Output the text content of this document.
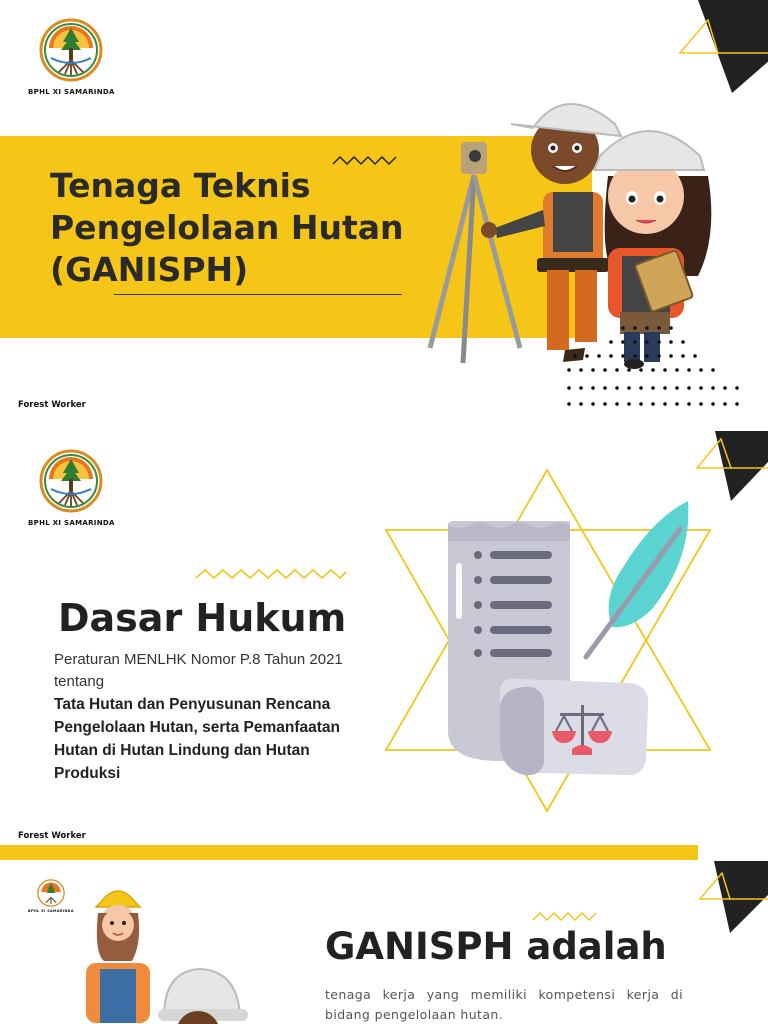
BPHL XI SAMARINDA
Tenaga Teknis
Pengelolaan Hutan
(GANISPH)
Forest Worker
BPHL XI SAMARINDA
Dasar Hukum
Peraturan MENLHK Nomor P.8 Tahun 2021 tentang
Tata Hutan dan Penyusunan Rencana Pengelolaan Hutan, serta Pemanfaatan Hutan di Hutan Lindung dan Hutan Produksi
Forest Worker
BPHL XI SAMARINDA
GANISPH adalah
tenaga kerja yang memiliki kompetensi kerja di bidang pengelolaan hutan.
